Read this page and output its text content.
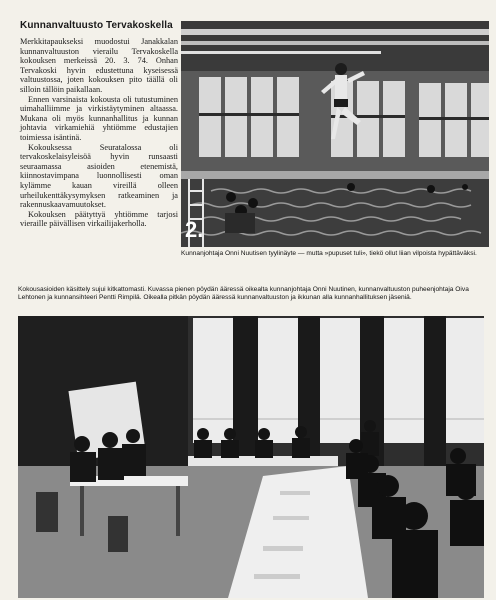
Kunnanvaltuusto Tervakoskella

Merkkitapaukseksi muodostui Janakkalan kunnanvaltuuston vierailu Tervakoskella kokouksen merkeissä 20. 3. 74. Onhan Tervakoski hyvin edustettuna kyseisessä valtuustossa, joten kokouksen pito täällä oli silloin tällöin paikallaan.

Ennen varsinaista kokousta oli tutustuminen uimahalliimme ja virkistäytyminen altaassa. Mukana oli myös kunnanhallitus ja kunnan johtavia virkamiehiä yhtiömme edustajien toimiessa isäntinä.

Kokouksessa Seuratalossa oli tervakoskelaisyleisöä hyvin runsaasti seuraamassa asioiden etenemistä, kiinnostavimpana luonnollisesti oman kylämme kauan vireillä olleen urheilukenttäkysymyksen ratkeaminen ja rakennuskaavamuutokset.

Kokouksen päätyttyä yhtiömme tarjosi vieraille päivällisen virkailijakerholla.	2.
Kunnanjohtaja Onni Nuutisen tyylinäyte — mutta »pupuset tuli», tiekö ollut liian vilpoista hypättäväksi.
Kokousasioiden käsittely sujui kitkattomasti. Kuvassa pienen pöydän ääressä oikealta kunnanjohtaja Onni Nuutinen, kunnanvaltuuston puheenjohtaja Oiva Lehtonen ja kunnansihteeri Pentti Rimpilä. Oikealla pitkän pöydän ääressä kunnanvaltuuston ja ikkunan alla kunnanhallituksen jäseniä.
